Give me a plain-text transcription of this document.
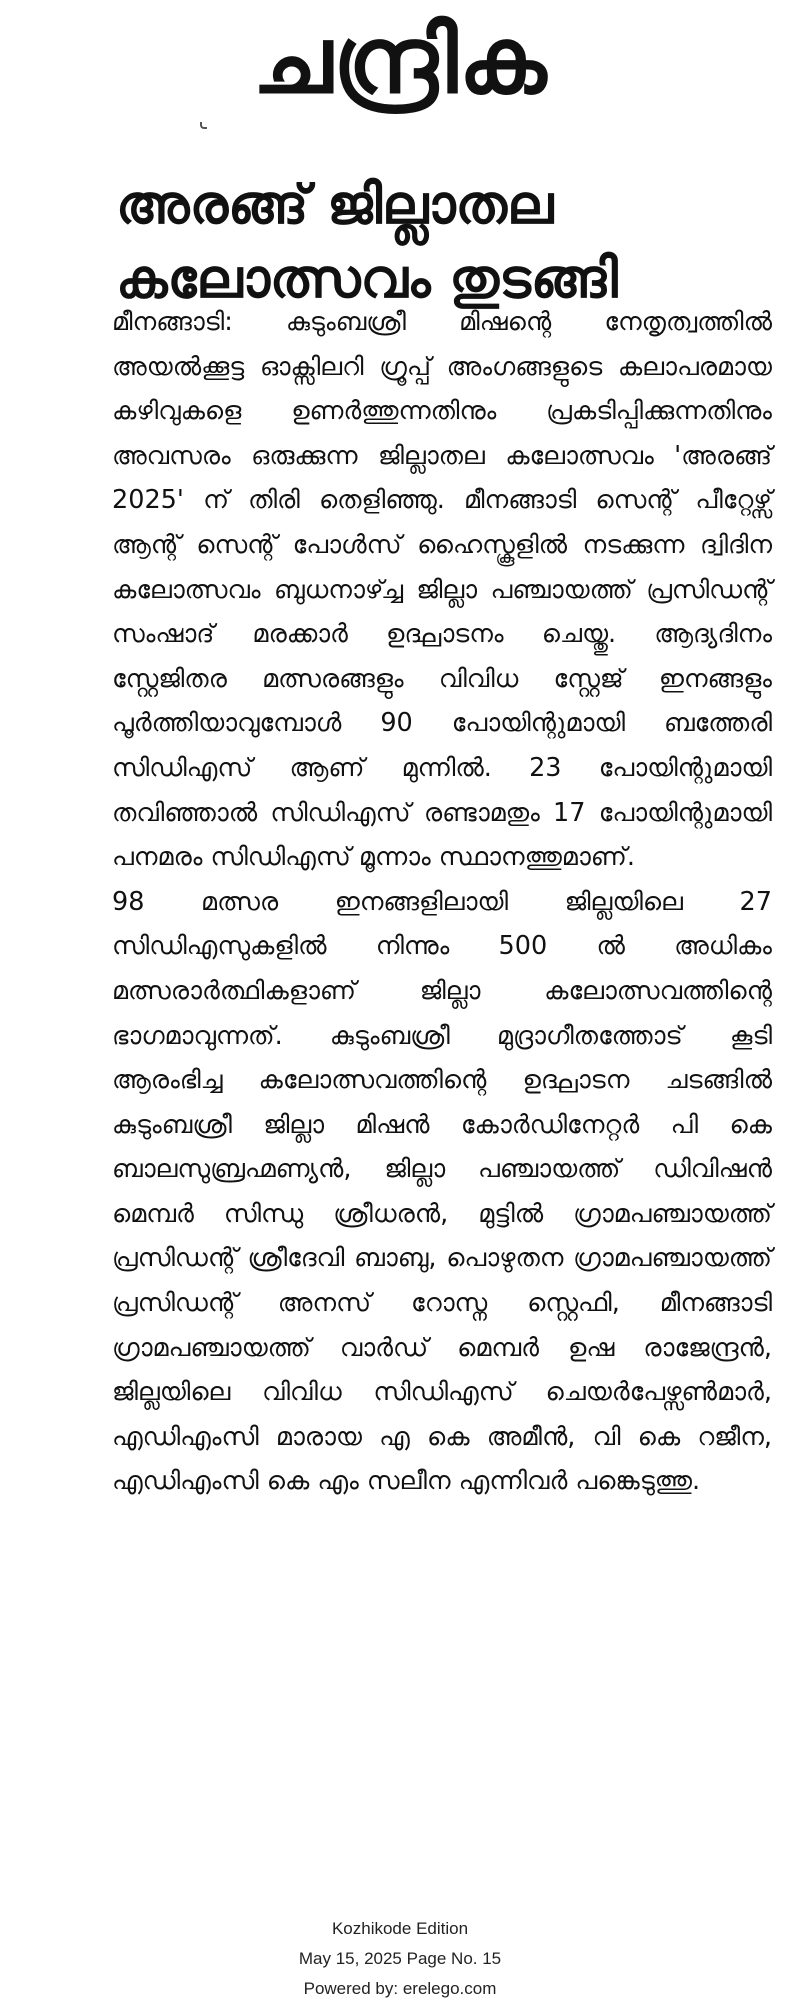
ചന്ദ്രിക
അരങ്ങ് ജില്ലാതല
കലോത്സവം തുടങ്ങി

മീനങ്ങാടി: കുടുംബശ്രീ മിഷന്റെ നേതൃത്വത്തിൽ അയൽക്കൂട്ട ഓക്സിലറി ഗ്രൂപ്പ് അംഗങ്ങളുടെ കലാപരമായ കഴിവുകളെ ഉണർത്തുന്നതിനും പ്രകടിപ്പിക്കുന്നതിനും അവസരം ഒരുക്കുന്ന ജില്ലാതല കലോത്സവം 'അരങ്ങ് 2025' ന് തിരി തെളിഞ്ഞു. മീനങ്ങാടി സെന്റ് പീറ്റേഴ്സ് ആന്റ് സെന്റ് പോൾസ് ഹൈസ്കൂളിൽ നടക്കുന്ന ദ്വിദിന കലോത്സവം ബുധനാഴ്ച്ച ജില്ലാ പഞ്ചായത്ത് പ്രസിഡന്റ് സംഷാദ് മരക്കാർ ഉദ്ഘാടനം ചെയ്തു. ആദ്യദിനം സ്റ്റേജിതര മത്സരങ്ങളും വിവിധ സ്റ്റേജ് ഇനങ്ങളും പൂർത്തിയാവുമ്പോൾ 90 പോയിന്റുമായി ബത്തേരി സിഡിഎസ് ആണ് മുന്നിൽ. 23 പോയിന്റുമായി തവിഞ്ഞാൽ സിഡിഎസ് രണ്ടാമതും 17 പോയിന്റുമായി പനമരം സിഡിഎസ് മൂന്നാം സ്ഥാനത്തുമാണ്.

98 മത്സര ഇനങ്ങളിലായി ജില്ലയിലെ 27 സിഡിഎസുകളിൽ നിന്നും 500 ൽ അധികം മത്സരാർത്ഥികളാണ് ജില്ലാ കലോത്സവത്തിന്റെ ഭാഗമാവുന്നത്. കുടുംബശ്രീ മുദ്രാഗീതത്തോട് കൂടി ആരംഭിച്ച കലോത്സവത്തിന്റെ ഉദ്ഘാടന ചടങ്ങിൽ കുടുംബശ്രീ ജില്ലാ മിഷൻ കോർഡിനേറ്റർ പി കെ ബാലസുബ്രഹ്മണ്യൻ, ജില്ലാ പഞ്ചായത്ത് ഡിവിഷൻ മെമ്പർ സിന്ധു ശ്രീധരൻ, മുട്ടിൽ ഗ്രാമപഞ്ചായത്ത് പ്രസിഡന്റ് ശ്രീദേവി ബാബു, പൊഴുതന ഗ്രാമപഞ്ചായത്ത് പ്രസിഡന്റ് അനസ് റോസ്ന സ്റ്റെഫി, മീനങ്ങാടി ഗ്രാമപഞ്ചായത്ത് വാർഡ് മെമ്പർ ഉഷ രാജേന്ദ്രൻ, ജില്ലയിലെ വിവിധ സിഡിഎസ് ചെയർപേഴ്സൺമാർ, എഡിഎംസി മാരായ എ കെ അമീൻ, വി കെ റജീന, എഡിഎംസി കെ എം സലീന എന്നിവർ പങ്കെടുത്തു.

Kozhikode Edition
May 15, 2025 Page No. 15
Powered by: erelego.com
